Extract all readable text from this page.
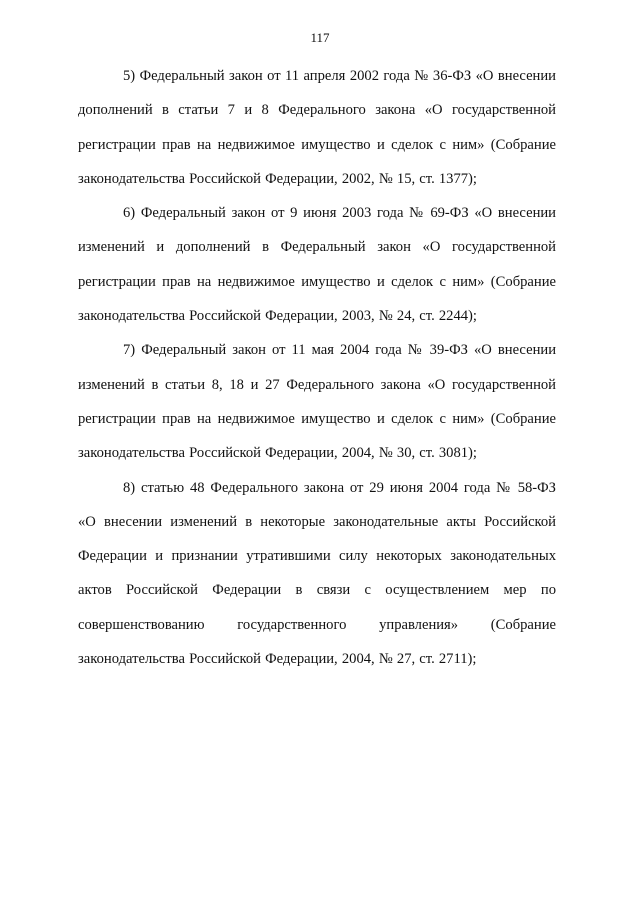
117

5) Федеральный закон от 11 апреля 2002 года № 36-ФЗ «О внесении дополнений в статьи 7 и 8 Федерального закона «О государственной регистрации прав на недвижимое имущество и сделок с ним» (Собрание законодательства Российской Федерации, 2002, № 15, ст. 1377);

6) Федеральный закон от 9 июня 2003 года № 69-ФЗ «О внесении изменений и дополнений в Федеральный закон «О государственной регистрации прав на недвижимое имущество и сделок с ним» (Собрание законодательства Российской Федерации, 2003, № 24, ст. 2244);

7) Федеральный закон от 11 мая 2004 года № 39-ФЗ «О внесении изменений в статьи 8, 18 и 27 Федерального закона «О государственной регистрации прав на недвижимое имущество и сделок с ним» (Собрание законодательства Российской Федерации, 2004, № 30, ст. 3081);

8) статью 48 Федерального закона от 29 июня 2004 года № 58-ФЗ «О внесении изменений в некоторые законодательные акты Российской Федерации и признании утратившими силу некоторых законодательных актов Российской Федерации в связи с осуществлением мер по совершенствованию государственного управления» (Собрание законодательства Российской Федерации, 2004, № 27, ст. 2711);
